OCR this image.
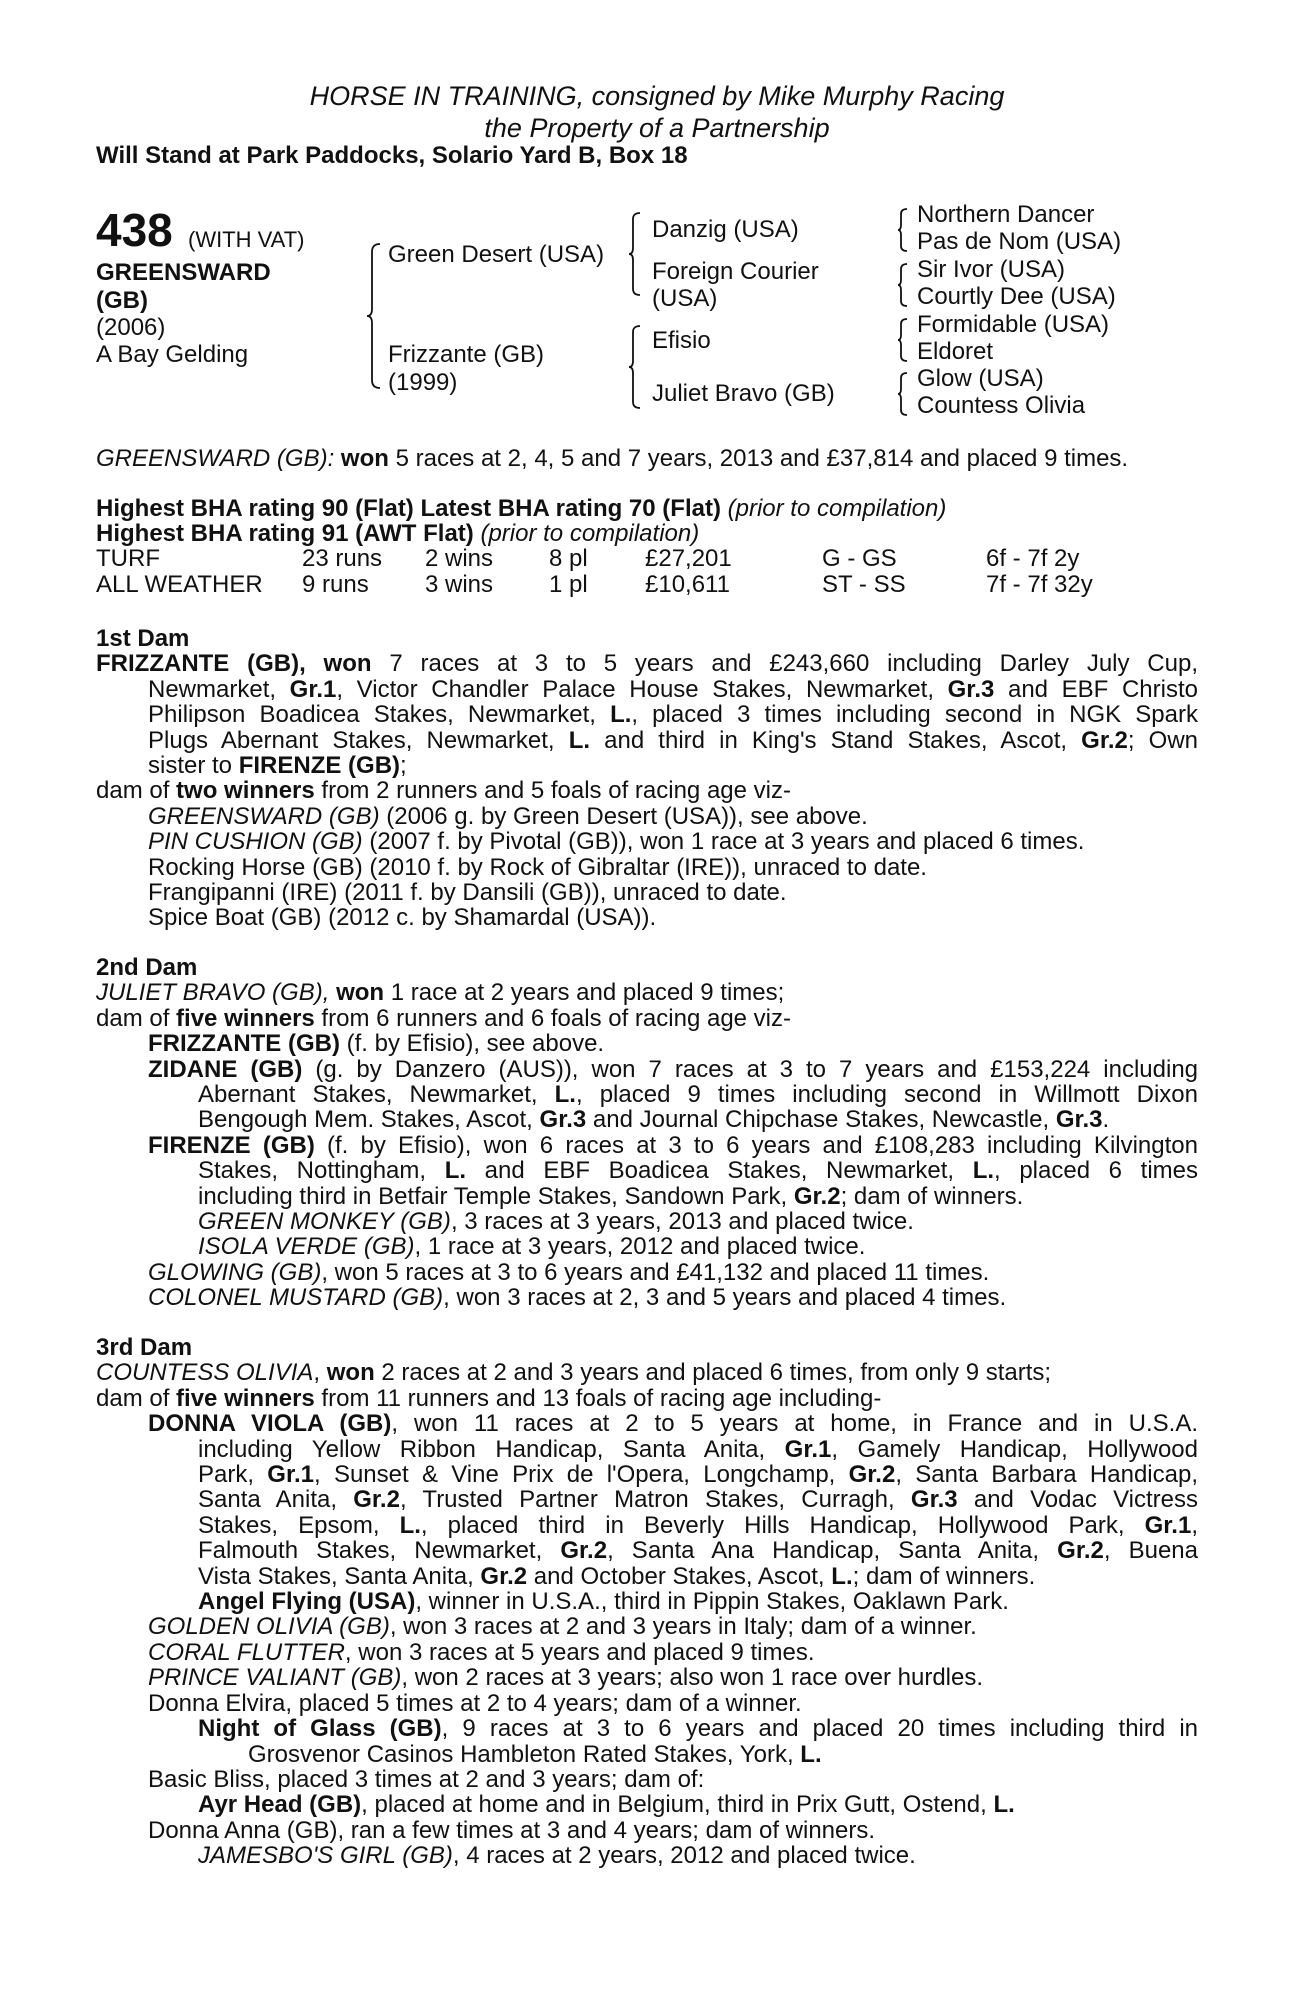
HORSE IN TRAINING, consigned by Mike Murphy Racing
the Property of a Partnership
Will Stand at Park Paddocks, Solario Yard B, Box 18
438 (WITH VAT)
GREENSWARD
(GB)
(2006)
A Bay Gelding
Green Desert (USA)
Frizzante (GB)
(1999)
Danzig (USA)
Foreign Courier
(USA)
Efisio
Juliet Bravo (GB)
Northern Dancer
Pas de Nom (USA)
Sir Ivor (USA)
Courtly Dee (USA)
Formidable (USA)
Eldoret
Glow (USA)
Countess Olivia
GREENSWARD (GB): won 5 races at 2, 4, 5 and 7 years, 2013 and £37,814 and placed 9 times.
Highest BHA rating 90 (Flat) Latest BHA rating 70 (Flat) (prior to compilation)
Highest BHA rating 91 (AWT Flat) (prior to compilation)
TURF	23 runs 2 wins 8 pl £27,201	G - GS	6f - 7f 2y
ALL WEATHER 9 runs 3 wins 1 pl £10,611	ST - SS	7f - 7f 32y
1st Dam
FRIZZANTE (GB), won 7 races at 3 to 5 years and £243,660 including Darley July Cup,
Newmarket, Gr.1, Victor Chandler Palace House Stakes, Newmarket, Gr.3 and EBF Christo
Philipson Boadicea Stakes, Newmarket, L., placed 3 times including second in NGK Spark
Plugs Abernant Stakes, Newmarket, L. and third in King's Stand Stakes, Ascot, Gr.2; Own
sister to FIRENZE (GB);
dam of two winners from 2 runners and 5 foals of racing age viz-
GREENSWARD (GB) (2006 g. by Green Desert (USA)), see above.
PIN CUSHION (GB) (2007 f. by Pivotal (GB)), won 1 race at 3 years and placed 6 times.
Rocking Horse (GB) (2010 f. by Rock of Gibraltar (IRE)), unraced to date.
Frangipanni (IRE) (2011 f. by Dansili (GB)), unraced to date.
Spice Boat (GB) (2012 c. by Shamardal (USA)).
2nd Dam
JULIET BRAVO (GB), won 1 race at 2 years and placed 9 times;
dam of five winners from 6 runners and 6 foals of racing age viz-
FRIZZANTE (GB) (f. by Efisio), see above.
ZIDANE (GB) (g. by Danzero (AUS)), won 7 races at 3 to 7 years and £153,224 including
Abernant Stakes, Newmarket, L., placed 9 times including second in Willmott Dixon
Bengough Mem. Stakes, Ascot, Gr.3 and Journal Chipchase Stakes, Newcastle, Gr.3.
FIRENZE (GB) (f. by Efisio), won 6 races at 3 to 6 years and £108,283 including Kilvington
Stakes, Nottingham, L. and EBF Boadicea Stakes, Newmarket, L., placed 6 times
including third in Betfair Temple Stakes, Sandown Park, Gr.2; dam of winners.
GREEN MONKEY (GB), 3 races at 3 years, 2013 and placed twice.
ISOLA VERDE (GB), 1 race at 3 years, 2012 and placed twice.
GLOWING (GB), won 5 races at 3 to 6 years and £41,132 and placed 11 times.
COLONEL MUSTARD (GB), won 3 races at 2, 3 and 5 years and placed 4 times.
3rd Dam
COUNTESS OLIVIA, won 2 races at 2 and 3 years and placed 6 times, from only 9 starts;
dam of five winners from 11 runners and 13 foals of racing age including-
DONNA VIOLA (GB), won 11 races at 2 to 5 years at home, in France and in U.S.A.
including Yellow Ribbon Handicap, Santa Anita, Gr.1, Gamely Handicap, Hollywood
Park, Gr.1, Sunset & Vine Prix de l'Opera, Longchamp, Gr.2, Santa Barbara Handicap,
Santa Anita, Gr.2, Trusted Partner Matron Stakes, Curragh, Gr.3 and Vodac Victress
Stakes, Epsom, L., placed third in Beverly Hills Handicap, Hollywood Park, Gr.1,
Falmouth Stakes, Newmarket, Gr.2, Santa Ana Handicap, Santa Anita, Gr.2, Buena
Vista Stakes, Santa Anita, Gr.2 and October Stakes, Ascot, L.; dam of winners.
Angel Flying (USA), winner in U.S.A., third in Pippin Stakes, Oaklawn Park.
GOLDEN OLIVIA (GB), won 3 races at 2 and 3 years in Italy; dam of a winner.
CORAL FLUTTER, won 3 races at 5 years and placed 9 times.
PRINCE VALIANT (GB), won 2 races at 3 years; also won 1 race over hurdles.
Donna Elvira, placed 5 times at 2 to 4 years; dam of a winner.
Night of Glass (GB), 9 races at 3 to 6 years and placed 20 times including third in
Grosvenor Casinos Hambleton Rated Stakes, York, L.
Basic Bliss, placed 3 times at 2 and 3 years; dam of:
Ayr Head (GB), placed at home and in Belgium, third in Prix Gutt, Ostend, L.
Donna Anna (GB), ran a few times at 3 and 4 years; dam of winners.
JAMESBO'S GIRL (GB), 4 races at 2 years, 2012 and placed twice.
